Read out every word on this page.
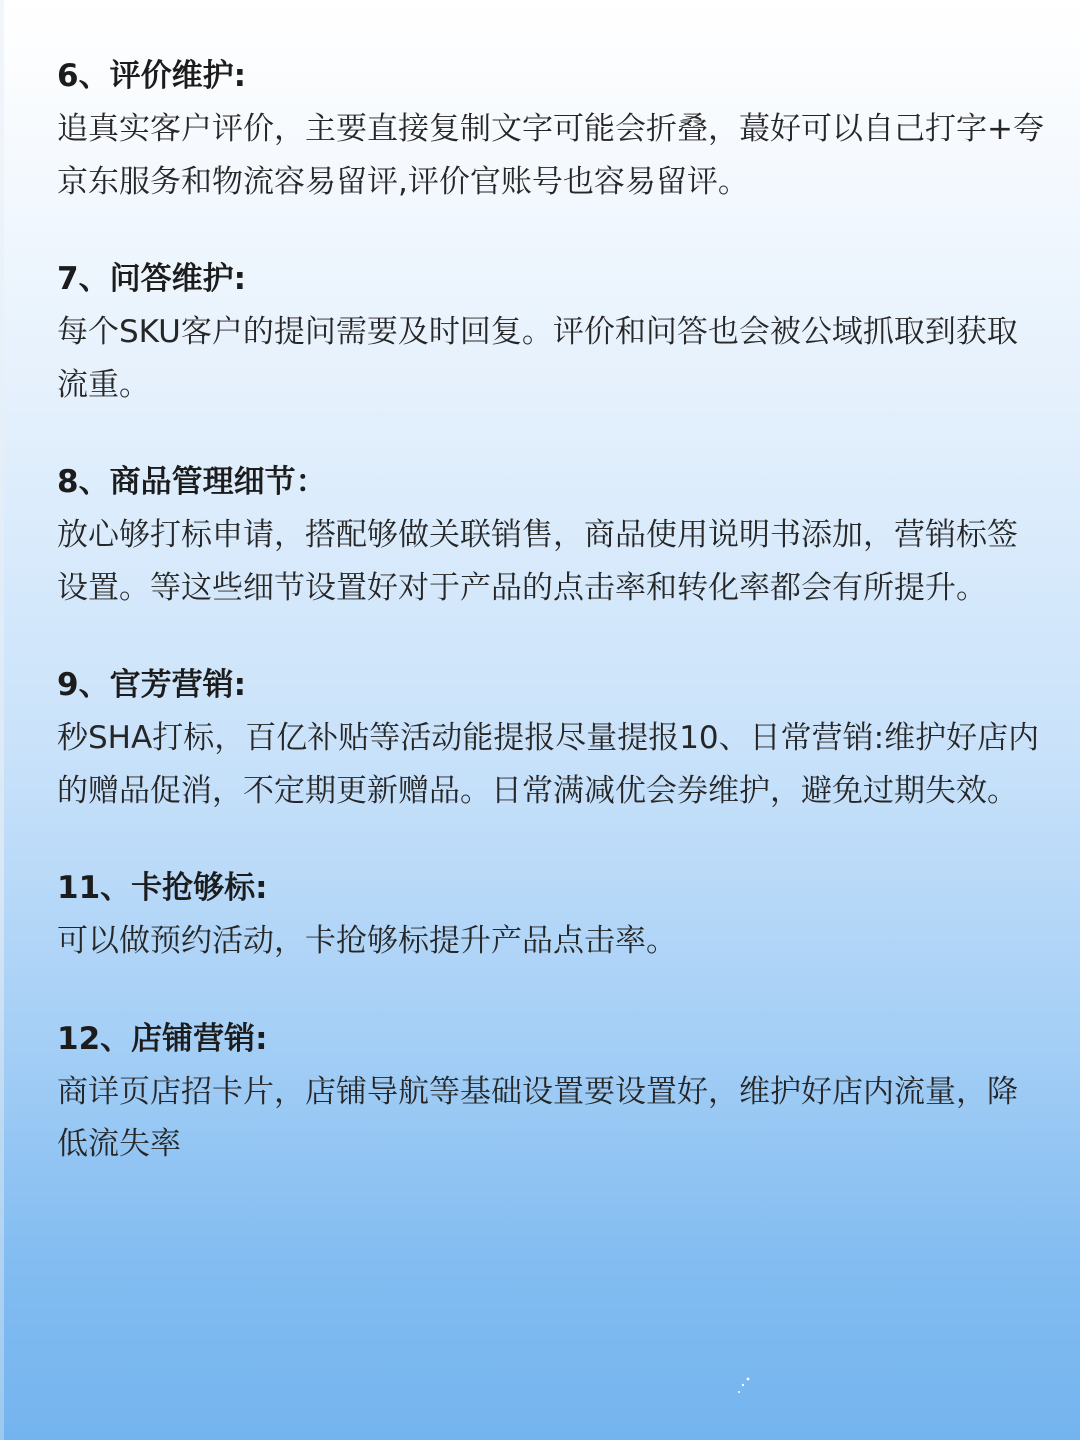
6、评价维护:
追真实客户评价，主要直接复制文字可能会折叠，蕞好可以自己打字+夸京东服务和物流容易留评,评价官账号也容易留评。
7、问答维护:
每个SKU客户的提问需要及时回复。评价和问答也会被公域抓取到获取流重。
8、商品管理细节：
放心够打标申请，搭配够做关联销售，商品使用说明书添加，营销标签设置。等这些细节设置好对于产品的点击率和转化率都会有所提升。
9、官芳营销:
秒SHA打标，百亿补贴等活动能提报尽量提报10、日常营销:维护好店内的赠品促消，不定期更新赠品。日常满减优会券维护，避免过期失效。
11、卡抢够标:
可以做预约活动，卡抢够标提升产品点击率。
12、店铺营销:
商详页店招卡片，店铺导航等基础设置要设置好，维护好店内流量，降低流失率
